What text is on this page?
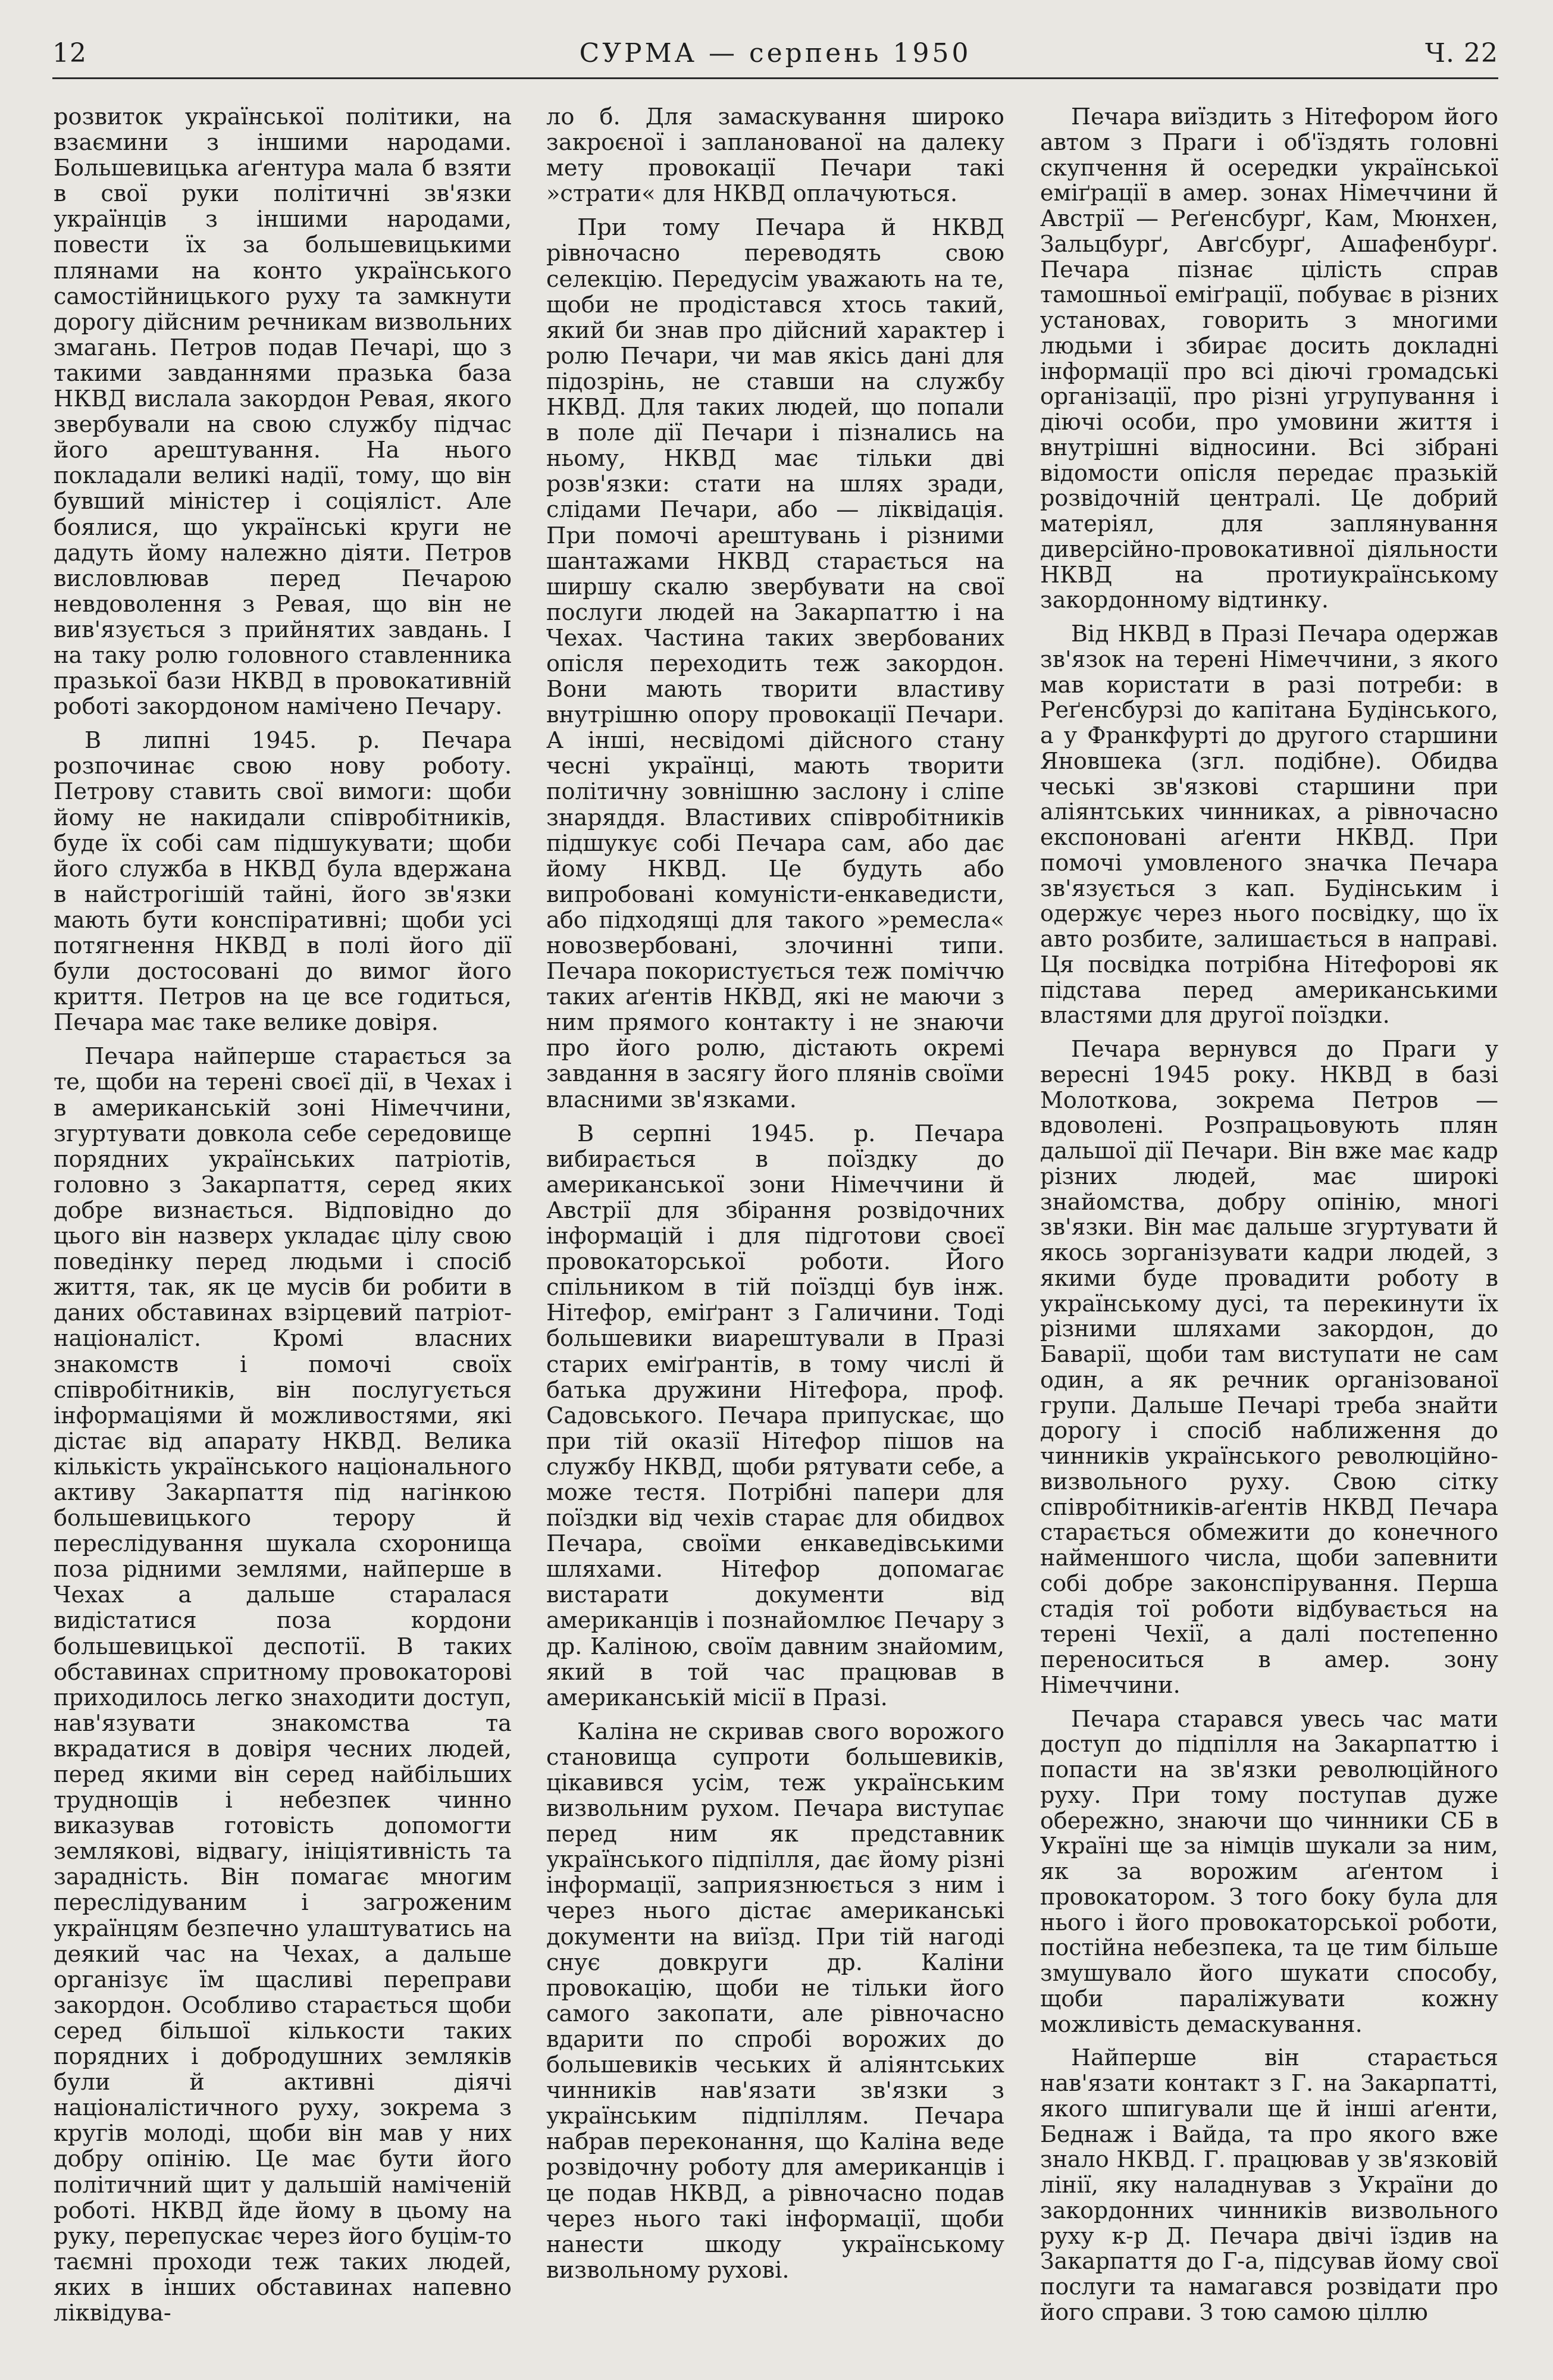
12	СУРМА — серпень 1950	Ч. 22

розвиток української політики, на взаємини з іншими народами. Большевицька аґентура мала б взяти в свої руки політичні зв'язки українців з іншими народами, повести їх за большевицькими плянами на конто українського самостійницького руху та замкнути дорогу дійсним речникам визвольних змагань. Петров подав Печарі, що з такими завданнями празька база НКВД вислала закордон Ревая, якого звербували на свою службу підчас його арештування. На нього покладали великі надії, тому, що він бувший міністер і соціяліст. Але боялися, що українські круги не дадуть йому належно діяти. Петров висловлював перед Печарою невдоволення з Ревая, що він не вив'язується з прийнятих завдань. І на таку ролю головного ставленника празької бази НКВД в провокативній роботі закордоном намічено Печару.

В липні 1945. р. Печара розпочинає свою нову роботу. Петрову ставить свої вимоги: щоби йому не накидали співробітників, буде їх собі сам підшукувати; щоби його служба в НКВД була вдержана в найстрогішій тайні, його зв'язки мають бути конспіративні; щоби усі потягнення НКВД в полі його дії були достосовані до вимог його криття. Петров на це все годиться, Печара має таке велике довіря.

Печара найперше старається за те, щоби на терені своєї дії, в Чехах і в американській зоні Німеччини, згуртувати довкола себе середовище порядних українських патріотів, головно з Закарпаття, серед яких добре визнається. Відповідно до цього він назверх укладає цілу свою поведінку перед людьми і спосіб життя, так, як це мусів би робити в даних обставинах взірцевий патріот-націоналіст. Кромі власних знакомств і помочі своїх співробітників, він послугується інформаціями й можливостями, які дістає від апарату НКВД. Велика кількість українського національного активу Закарпаття під нагінкою большевицького терору й переслідування шукала схоронища поза рідними землями, найперше в Чехах а дальше старалася видістатися поза кордони большевицької деспотії. В таких обставинах спритному провокаторові приходилось легко знаходити доступ, нав'язувати знакомства та вкрадатися в довіря чесних людей, перед якими він серед найбільших труднощів і небезпек чинно виказував готовість допомогти землякові, відвагу, ініціятивність та зарадність. Він помагає многим переслідуваним і загроженим українцям безпечно улаштуватись на деякий час на Чехах, а дальше організує їм щасливі переправи закордон. Особливо старається щоби серед більшої кількости таких порядних і добродушних земляків були й активні діячі націоналістичного руху, зокрема з кругів молоді, щоби він мав у них добру опінію. Це має бути його політичний щит у дальшій наміченій роботі. НКВД йде йому в цьому на руку, перепускає через його буцім-то таємні проходи теж таких людей, яких в інших обставинах напевно ліквідува-

ло б. Для замаскування широко закроєної і запланованої на далеку мету провокації Печари такі »страти« для НКВД оплачуються.

При тому Печара й НКВД рівночасно переводять свою селекцію. Передусім уважають на те, щоби не продістався хтось такий, який би знав про дійсний характер і ролю Печари, чи мав якісь дані для підозрінь, не ставши на службу НКВД. Для таких людей, що попали в поле дії Печари і пізнались на ньому, НКВД має тільки дві розв'язки: стати на шлях зради, слідами Печари, або — ліквідація. При помочі арештувань і різними шантажами НКВД старається на ширшу скалю звербувати на свої послуги людей на Закарпаттю і на Чехах. Частина таких звербованих опісля переходить теж закордон. Вони мають творити властиву внутрішню опору провокації Печари. А інші, несвідомі дійсного стану чесні українці, мають творити політичну зовнішню заслону і сліпе знаряддя. Властивих співробітників підшукує собі Печара сам, або дає йому НКВД. Це будуть або випробовані комуністи-енкаведисти, або підходящі для такого »ремесла« новозвербовані, злочинні типи. Печара покористується теж поміччю таких аґентів НКВД, які не маючи з ним прямого контакту і не знаючи про його ролю, дістають окремі завдання в засягу його плянів своїми власними зв'язками.

В серпні 1945. р. Печара вибирається в поїздку до американської зони Німеччини й Австрії для збірання розвідочних інформацій і для підготови своєї провокаторської роботи. Його спільником в тій поїздці був інж. Нітефор, еміґрант з Галичини. Тоді большевики виарештували в Празі старих еміґрантів, в тому числі й батька дружини Нітефора, проф. Садовського. Печара припускає, що при тій оказії Нітефор пішов на службу НКВД, щоби рятувати себе, а може тестя. Потрібні папери для поїздки від чехів старає для обидвох Печара, своїми енкаведівськими шляхами. Нітефор допомагає вистарати документи від американців і познайомлює Печару з др. Каліною, своїм давним знайомим, який в той час працював в американській місії в Празі.

Каліна не скривав свого ворожого становища супроти большевиків, цікавився усім, теж українським визвольним рухом. Печара виступає перед ним як представник українського підпілля, дає йому різні інформації, заприязнюється з ним і через нього дістає американські документи на виїзд. При тій нагоді снує довкруги др. Каліни провокацію, щоби не тільки його самого закопати, але рівночасно вдарити по спробі ворожих до большевиків чеських й аліянтських чинників нав'язати зв'язки з українським підпіллям. Печара набрав переконання, що Каліна веде розвідочну роботу для американців і це подав НКВД, а рівночасно подав через нього такі інформації, щоби нанести шкоду українському визвольному рухові.

Печара виїздить з Нітефором його автом з Праги і об'їздять головні скупчення й осередки української еміґрації в амер. зонах Німеччини й Австрії — Реґенсбурґ, Кам, Мюнхен, Зальцбурґ, Авґсбурґ, Ашафенбурґ. Печара пізнає цілість справ тамошньої еміґрації, побуває в різних установах, говорить з многими людьми і збирає досить докладні інформації про всі діючі громадські організації, про різні угрупування і діючі особи, про умовини життя і внутрішні відносини. Всі зібрані відомости опісля передає празькій розвідочній централі. Це добрий матеріял, для заплянування диверсійно-провокативної діяльности НКВД на протиукраїнському закордонному відтинку.

Від НКВД в Празі Печара одержав зв'язок на терені Німеччини, з якого мав користати в разі потреби: в Реґенсбурзі до капітана Будінського, а у Франкфурті до другого старшини Яновшека (згл. подібне). Обидва чеські зв'язкові старшини при аліянтських чинниках, а рівночасно експоновані аґенти НКВД. При помочі умовленого значка Печара зв'язується з кап. Будінським і одержує через нього посвідку, що їх авто розбите, залишається в направі. Ця посвідка потрібна Нітефорові як підстава перед американськими властями для другої поїздки.

Печара вернувся до Праги у вересні 1945 року. НКВД в базі Молоткова, зокрема Петров — вдоволені. Розпрацьовують плян дальшої дії Печари. Він вже має кадр різних людей, має широкі знайомства, добру опінію, многі зв'язки. Він має дальше згуртувати й якось зорганізувати кадри людей, з якими буде провадити роботу в українському дусі, та перекинути їх різними шляхами закордон, до Баварії, щоби там виступати не сам один, а як речник організованої групи. Дальше Печарі треба знайти дорогу і спосіб наближення до чинників українського революційно-визвольного руху. Свою сітку співробітників-аґентів НКВД Печара старається обмежити до конечного найменшого числа, щоби запевнити собі добре законспірування. Перша стадія тої роботи відбувається на терені Чехії, а далі постепенно переноситься в амер. зону Німеччини.

Печара старався увесь час мати доступ до підпілля на Закарпаттю і попасти на зв'язки революційного руху. При тому поступав дуже обережно, знаючи що чинники СБ в Україні ще за німців шукали за ним, як за ворожим аґентом і провокатором. З того боку була для нього і його провокаторської роботи, постійна небезпека, та це тим більше змушувало його шукати способу, щоби паралiжувати кожну можливість демаскування.

Найперше він старається нав'язати контакт з Г. на Закарпатті, якого шпигували ще й інші аґенти, Беднаж і Вайда, та про якого вже знало НКВД. Г. працював у зв'язковій лінії, яку наладнував з України до закордонних чинників визвольного руху к-р Д. Печара двічі їздив на Закарпаття до Г-а, підсував йому свої послуги та намагався розвідати про його справи. З тою самою ціллю
